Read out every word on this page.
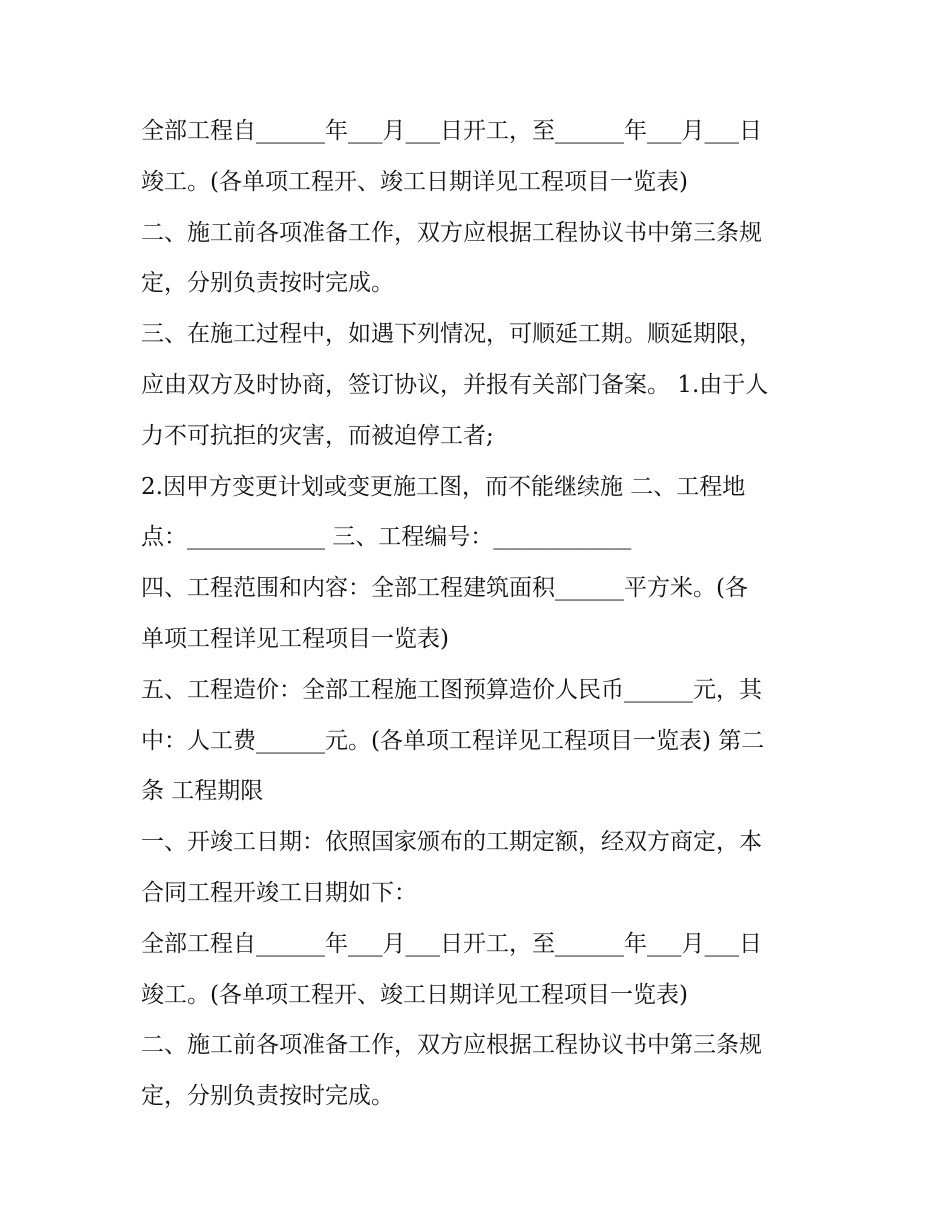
全部工程自______年___月___日开工，至______年___月___日
竣工。(各单项工程开、竣工日期详见工程项目一览表)
二、施工前各项准备工作，双方应根据工程协议书中第三条规
定，分别负责按时完成。
三、在施工过程中，如遇下列情况，可顺延工期。顺延期限，
应由双方及时协商，签订协议，并报有关部门备案。 1.由于人
力不可抗拒的灾害，而被迫停工者;
2.因甲方变更计划或变更施工图，而不能继续施 二、工程地
点：____________ 三、工程编号：____________
四、工程范围和内容：全部工程建筑面积______平方米。(各
单项工程详见工程项目一览表)
五、工程造价：全部工程施工图预算造价人民币______元，其
中：人工费______元。(各单项工程详见工程项目一览表) 第二
条 工程期限
一、开竣工日期：依照国家颁布的工期定额，经双方商定，本
合同工程开竣工日期如下：
全部工程自______年___月___日开工，至______年___月___日
竣工。(各单项工程开、竣工日期详见工程项目一览表)
二、施工前各项准备工作，双方应根据工程协议书中第三条规
定，分别负责按时完成。
